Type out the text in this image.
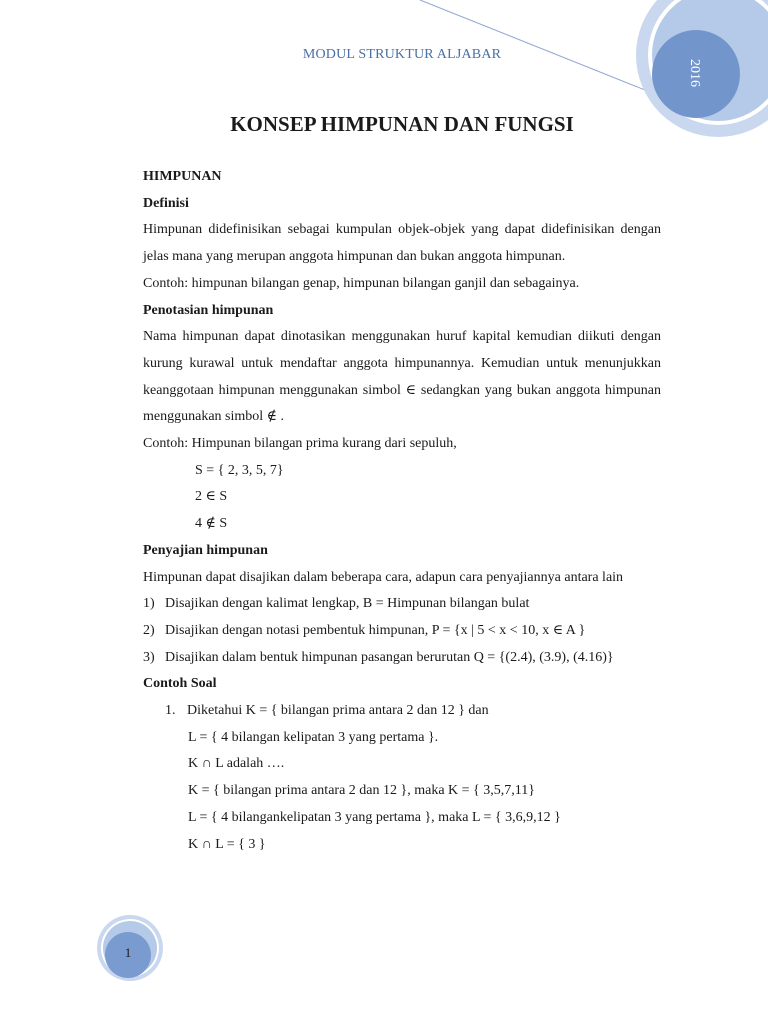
MODUL STRUKTUR ALJABAR
2016
KONSEP HIMPUNAN DAN FUNGSI

HIMPUNAN

Definisi

Himpunan didefinisikan sebagai kumpulan objek-objek yang dapat didefinisikan dengan jelas mana yang merupan anggota himpunan dan bukan anggota himpunan.

Contoh: himpunan bilangan genap, himpunan bilangan ganjil dan sebagainya.

Penotasian himpunan

Nama himpunan dapat dinotasikan menggunakan huruf kapital kemudian diikuti dengan kurung kurawal untuk mendaftar anggota himpunannya. Kemudian untuk menunjukkan keanggotaan himpunan menggunakan simbol ∈ sedangkan yang bukan anggota himpunan menggunakan simbol ∉ .

Contoh: Himpunan bilangan prima kurang dari sepuluh,

S = { 2, 3, 5, 7}

2 ∈ S

4 ∉ S

Penyajian himpunan

Himpunan dapat disajikan dalam beberapa cara, adapun cara penyajiannya antara lain

1) Disajikan dengan kalimat lengkap, B = Himpunan bilangan bulat

2) Disajikan dengan notasi pembentuk himpunan, P = {x | 5 < x < 10, x ∈ A }

3) Disajikan dalam bentuk himpunan pasangan berurutan Q = {(2.4), (3.9), (4.16)}

Contoh Soal

1. Diketahui K = { bilangan prima antara 2 dan 12 } dan

L = { 4 bilangan kelipatan 3 yang pertama }.

K ∩ L adalah ….

K = { bilangan prima antara 2 dan 12 }, maka K = { 3,5,7,11}

L = { 4 bilangankelipatan 3 yang pertama }, maka L = { 3,6,9,12 }

K ∩ L = { 3 }

1
